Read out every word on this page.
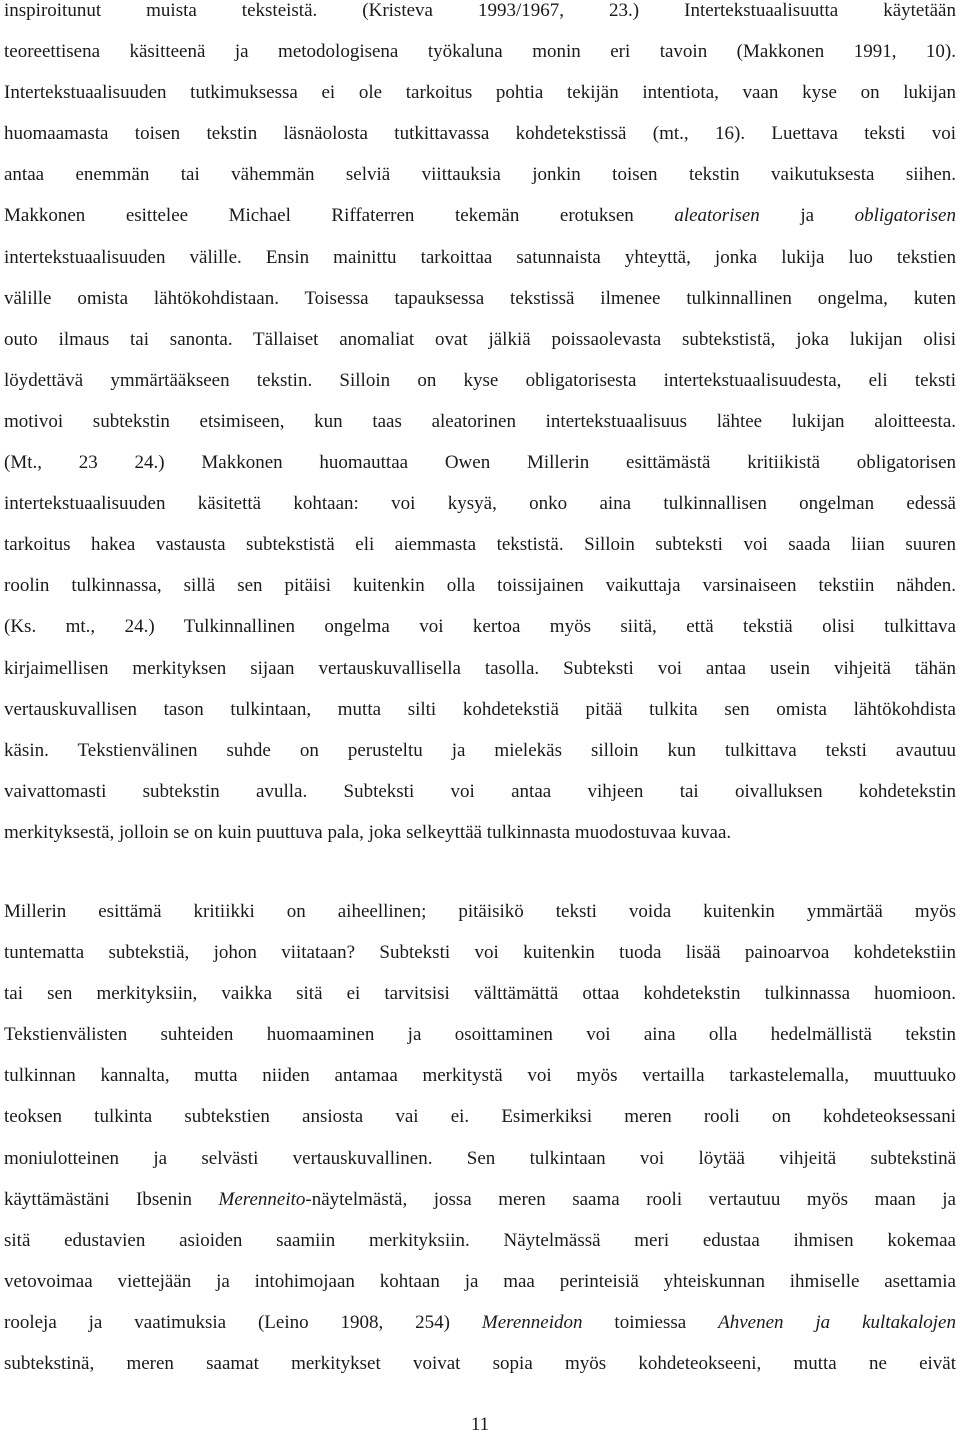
inspiroitunut muista teksteistä. (Kristeva 1993/1967, 23.) Intertekstuaalisuutta käytetään
teoreettisena käsitteenä ja metodologisena työkaluna monin eri tavoin (Makkonen 1991, 10).
Intertekstuaalisuuden tutkimuksessa ei ole tarkoitus pohtia tekijän intentiota, vaan kyse on lukijan
huomaamasta toisen tekstin läsnäolosta tutkittavassa kohdetekstissä (mt., 16). Luettava teksti voi
antaa enemmän tai vähemmän selviä viittauksia jonkin toisen tekstin vaikutuksesta siihen.
Makkonen esittelee Michael Riffaterren tekemän erotuksen aleatorisen ja obligatorisen
intertekstuaalisuuden välille. Ensin mainittu tarkoittaa satunnaista yhteyttä, jonka lukija luo tekstien
välille omista lähtökohdistaan. Toisessa tapauksessa tekstissä ilmenee tulkinnallinen ongelma, kuten
outo ilmaus tai sanonta. Tällaiset anomaliat ovat jälkiä poissaolevasta subtekstistä, joka lukijan olisi
löydettävä ymmärtääkseen tekstin. Silloin on kyse obligatorisesta intertekstuaalisuudesta, eli teksti
motivoi subtekstin etsimiseen, kun taas aleatorinen intertekstuaalisuus lähtee lukijan aloitteesta.
(Mt., 23 24.) Makkonen huomauttaa Owen Millerin esittämästä kritiikistä obligatorisen
intertekstuaalisuuden käsitettä kohtaan: voi kysyä, onko aina tulkinnallisen ongelman edessä
tarkoitus hakea vastausta subtekstistä eli aiemmasta tekstistä. Silloin subteksti voi saada liian suuren
roolin tulkinnassa, sillä sen pitäisi kuitenkin olla toissijainen vaikuttaja varsinaiseen tekstiin nähden.
(Ks. mt., 24.) Tulkinnallinen ongelma voi kertoa myös siitä, että tekstiä olisi tulkittava
kirjaimellisen merkityksen sijaan vertauskuvallisella tasolla. Subteksti voi antaa usein vihjeitä tähän
vertauskuvallisen tason tulkintaan, mutta silti kohdetekstiä pitää tulkita sen omista lähtökohdista
käsin. Tekstienvälinen suhde on perusteltu ja mielekäs silloin kun tulkittava teksti avautuu
vaivattomasti subtekstin avulla. Subteksti voi antaa vihjeen tai oivalluksen kohdetekstin
merkityksestä, jolloin se on kuin puuttuva pala, joka selkeyttää tulkinnasta muodostuvaa kuvaa.
Millerin esittämä kritiikki on aiheellinen; pitäisikö teksti voida kuitenkin ymmärtää myös
tuntematta subtekstiä, johon viitataan? Subteksti voi kuitenkin tuoda lisää painoarvoa kohdetekstiin
tai sen merkityksiin, vaikka sitä ei tarvitsisi välttämättä ottaa kohdetekstin tulkinnassa huomioon.
Tekstienvälisten suhteiden huomaaminen ja osoittaminen voi aina olla hedelmällistä tekstin
tulkinnan kannalta, mutta niiden antamaa merkitystä voi myös vertailla tarkastelemalla, muuttuuko
teoksen tulkinta subtekstien ansiosta vai ei. Esimerkiksi meren rooli on kohdeteoksessani
moniulotteinen ja selvästi vertauskuvallinen. Sen tulkintaan voi löytää vihjeitä subtekstinä
käyttämästäni Ibsenin Merenneito-näytelmästä, jossa meren saama rooli vertautuu myös maan ja
sitä edustavien asioiden saamiin merkityksiin. Näytelmässä meri edustaa ihmisen kokemaa
vetovoimaa viettejään ja intohimojaan kohtaan ja maa perinteisiä yhteiskunnan ihmiselle asettamia
rooleja ja vaatimuksia (Leino 1908, 254) Merenneidon toimiessa Ahvenen ja kultakalojen
subtekstinä, meren saamat merkitykset voivat sopia myös kohdeteokseeni, mutta ne eivät
11
